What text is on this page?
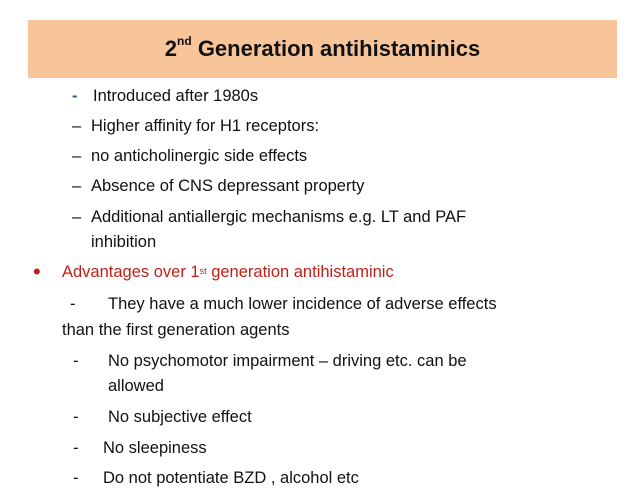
2nd Generation antihistaminics
- Introduced after 1980s
– Higher affinity for H1 receptors:
– no anticholinergic side effects
– Absence of CNS depressant property
– Additional antiallergic mechanisms e.g. LT and PAF
inhibition
• Advantages over 1st generation antihistaminic
- They have a much lower incidence of adverse effects
than the first generation agents
- No psychomotor impairment – driving etc. can be
allowed
- No subjective effect
- No sleepiness
- Do not potentiate BZD , alcohol etc
